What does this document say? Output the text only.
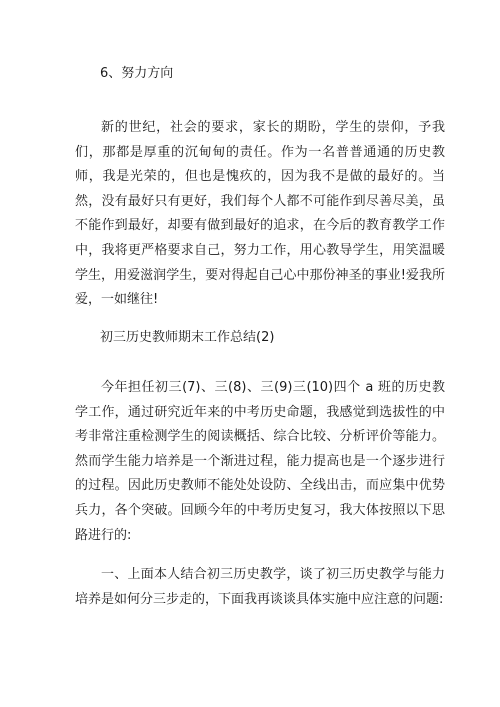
6、努力方向
新的世纪，社会的要求，家长的期盼，学生的崇仰，予我们，那都是厚重的沉甸甸的责任。作为一名普普通通的历史教师，我是光荣的，但也是愧疚的，因为我不是做的最好的。当然，没有最好只有更好，我们每个人都不可能作到尽善尽美，虽不能作到最好，却要有做到最好的追求，在今后的教育教学工作中，我将更严格要求自己，努力工作，用心教导学生，用笑温暖学生，用爱滋润学生，要对得起自己心中那份神圣的事业!爱我所爱，一如继往!
初三历史教师期末工作总结(2)
今年担任初三(7)、三(8)、三(9)三(10)四个 a 班的历史教学工作，通过研究近年来的中考历史命题，我感觉到选拔性的中考非常注重检测学生的阅读概括、综合比较、分析评价等能力。然而学生能力培养是一个渐进过程，能力提高也是一个逐步进行的过程。因此历史教师不能处处设防、全线出击，而应集中优势兵力，各个突破。回顾今年的中考历史复习，我大体按照以下思路进行的:
一、上面本人结合初三历史教学，谈了初三历史教学与能力培养是如何分三步走的，下面我再谈谈具体实施中应注意的问题:
